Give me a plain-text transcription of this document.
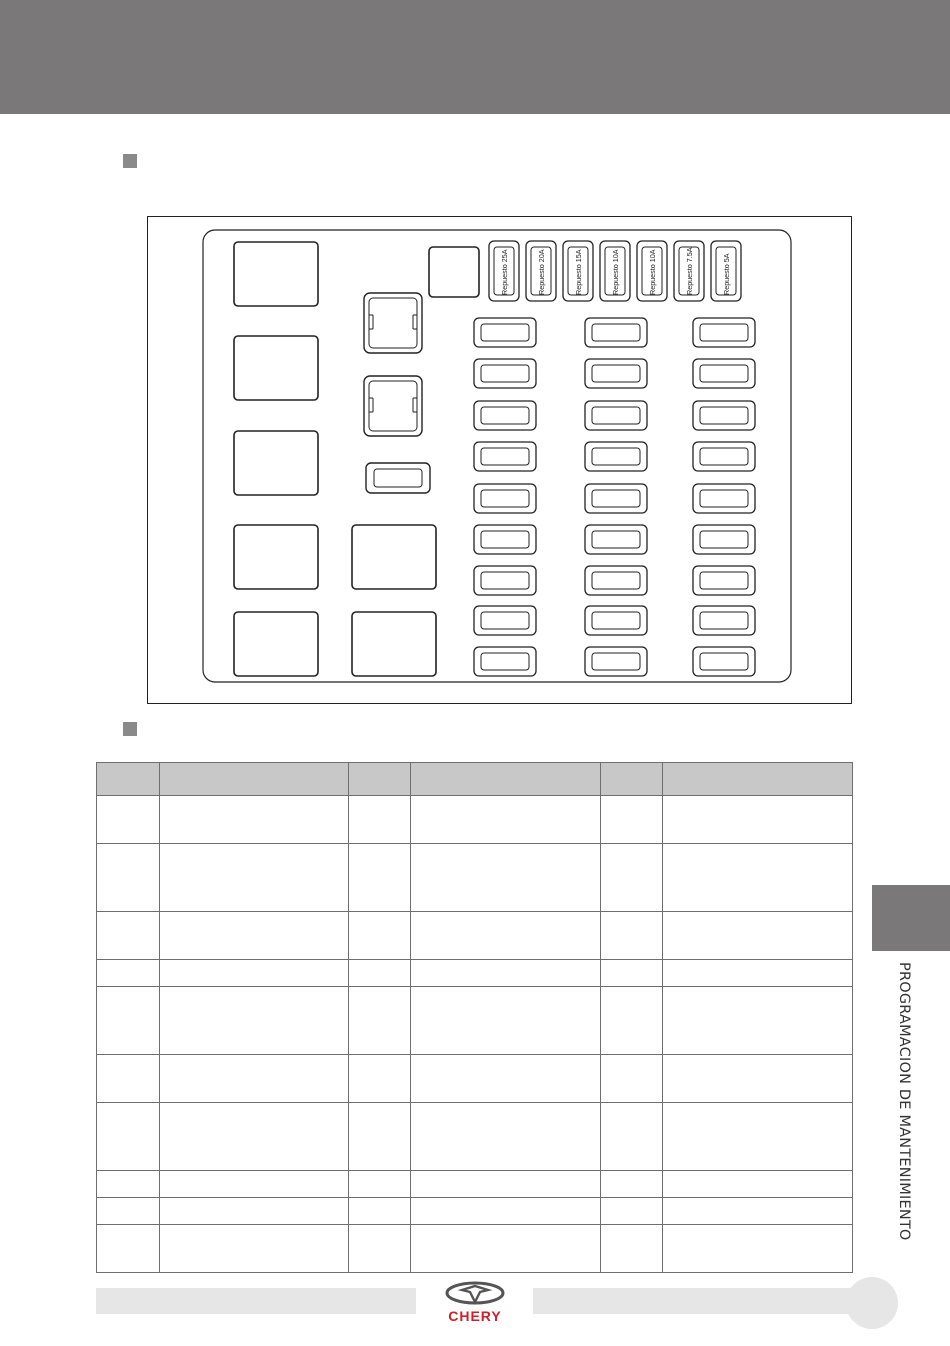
Repuesto 25A	Repuesto 20A	Repuesto 15A	Repuesto 10A	Repuesto 10A	Repuesto 7.5A	Repuesto 5A

PROGRAMACION DE MANTENIMIENTO
CHERY
